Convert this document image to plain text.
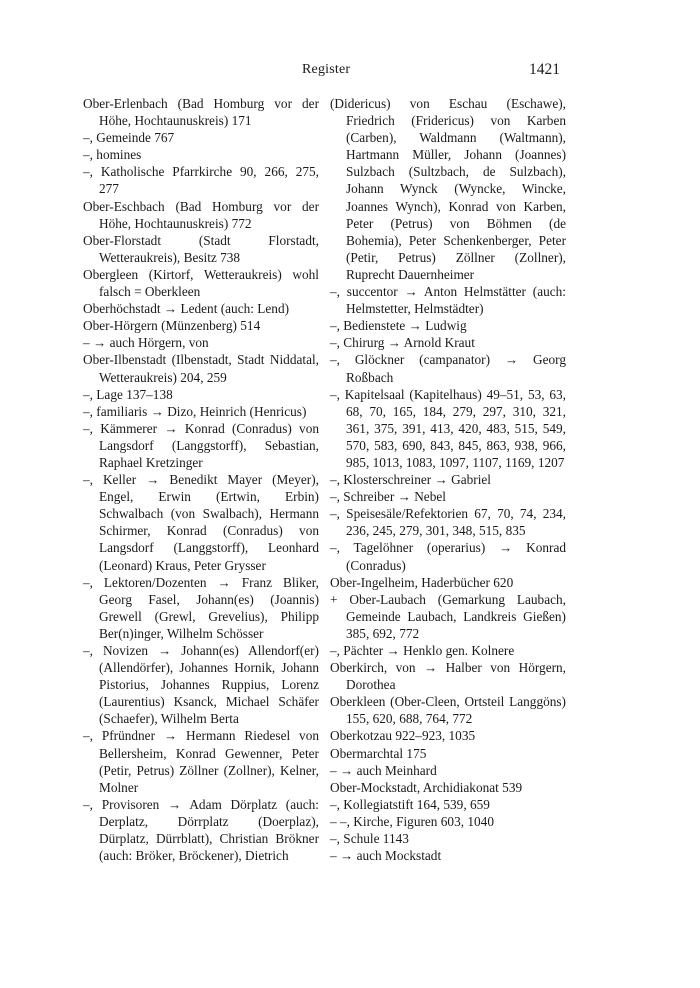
Register	1421

Ober-Erlenbach (Bad Homburg vor der Höhe, Hochtaunuskreis) 171

–, Gemeinde 767

–, homines

–, Katholische Pfarrkirche 90, 266, 275, 277

Ober-Eschbach (Bad Homburg vor der Höhe, Hochtaunuskreis) 772

Ober-Florstadt (Stadt Florstadt, Wetteraukreis), Besitz 738

Obergleen (Kirtorf, Wetteraukreis) wohl falsch = Oberkleen

Oberhöchstadt → Ledent (auch: Lend)

Ober-Hörgern (Münzenberg) 514

– → auch Hörgern, von

Ober-Ilbenstadt (Ilbenstadt, Stadt Niddatal, Wetteraukreis) 204, 259

–, Lage 137–138

–, familiaris → Dizo, Heinrich (Henricus)

–, Kämmerer → Konrad (Conradus) von Langsdorf (Langgstorff), Sebastian, Raphael Kretzinger

–, Keller → Benedikt Mayer (Meyer), Engel, Erwin (Ertwin, Erbin) Schwalbach (von Swalbach), Hermann Schirmer, Konrad (Conradus) von Langsdorf (Langgstorff), Leonhard (Leonard) Kraus, Peter Grysser

–, Lektoren/Dozenten → Franz Bliker, Georg Fasel, Johann(es) (Joannis) Grewell (Grewl, Grevelius), Philipp Ber(n)inger, Wilhelm Schösser

–, Novizen → Johann(es) Allendorf(er) (Allendörfer), Johannes Hornik, Johann Pistorius, Johannes Ruppius, Lorenz (Laurentius) Ksanck, Michael Schäfer (Schaefer), Wilhelm Berta

–, Pfründner → Hermann Riedesel von Bellersheim, Konrad Gewenner, Peter (Petir, Petrus) Zöllner (Zollner), Kelner, Molner

–, Provisoren → Adam Dörplatz (auch: Derplatz, Dörrplatz (Doerplaz), Dürplatz, Dürrblatt), Christian Brökner (auch: Bröker, Bröckener), Dietrich

(Didericus) von Eschau (Eschawe), Friedrich (Fridericus) von Karben (Carben), Waldmann (Waltmann), Hartmann Müller, Johann (Joannes) Sulzbach (Sultzbach, de Sulzbach), Johann Wynck (Wyncke, Wincke, Joannes Wynch), Konrad von Karben, Peter (Petrus) von Böhmen (de Bohemia), Peter Schenkenberger, Peter (Petir, Petrus) Zöllner (Zollner), Ruprecht Dauernheimer

–, succentor → Anton Helmstätter (auch: Helmstetter, Helmstädter)

–, Bedienstete → Ludwig

–, Chirurg → Arnold Kraut

–, Glöckner (campanator) → Georg Roßbach

–, Kapitelsaal (Kapitelhaus) 49–51, 53, 63, 68, 70, 165, 184, 279, 297, 310, 321, 361, 375, 391, 413, 420, 483, 515, 549, 570, 583, 690, 843, 845, 863, 938, 966, 985, 1013, 1083, 1097, 1107, 1169, 1207

–, Klosterschreiner → Gabriel

–, Schreiber → Nebel

–, Speisesäle/Refektorien 67, 70, 74, 234, 236, 245, 279, 301, 348, 515, 835

–, Tagelöhner (operarius) → Konrad (Conradus)

Ober-Ingelheim, Haderbücher 620

+ Ober-Laubach (Gemarkung Laubach, Gemeinde Laubach, Landkreis Gießen) 385, 692, 772

–, Pächter → Henklo gen. Kolnere

Oberkirch, von → Halber von Hörgern, Dorothea

Oberkleen (Ober-Cleen, Ortsteil Langgöns) 155, 620, 688, 764, 772

Oberkotzau 922–923, 1035

Obermarchtal 175

– → auch Meinhard

Ober-Mockstadt, Archidiakonat 539

–, Kollegiatstift 164, 539, 659

– –, Kirche, Figuren 603, 1040

–, Schule 1143

– → auch Mockstadt
